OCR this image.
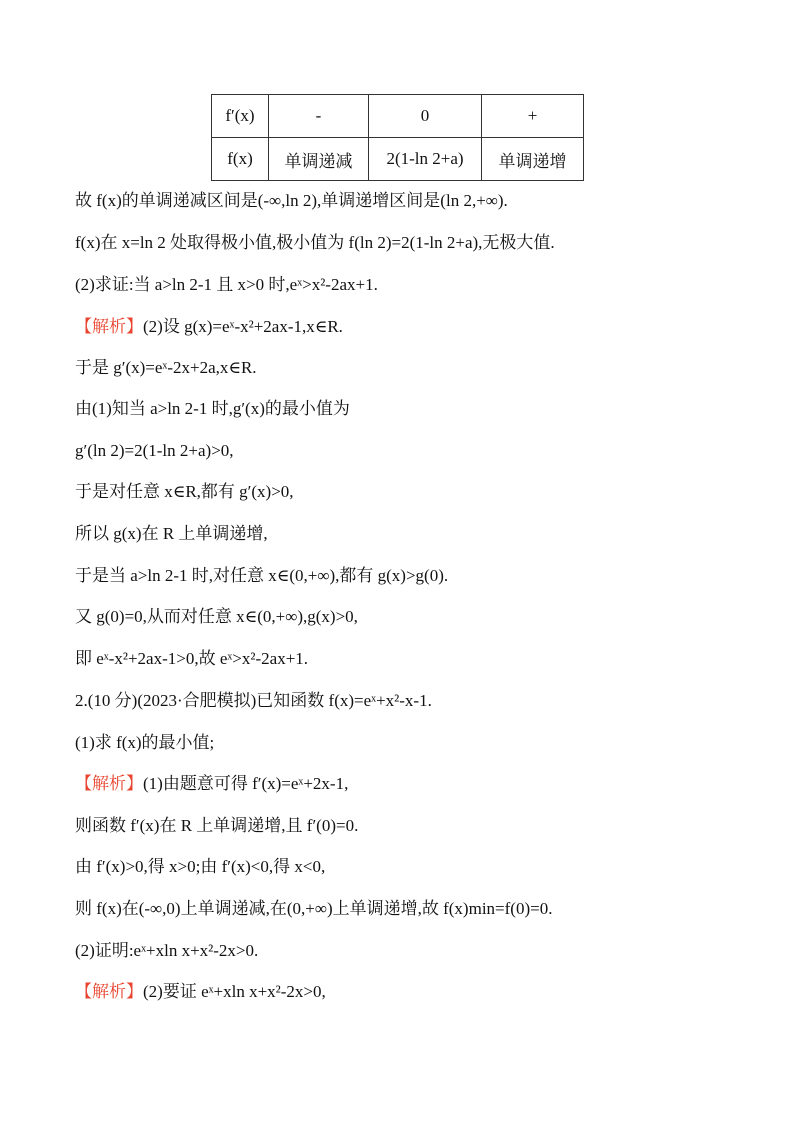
f′(x)	-	0	+
f(x)	单调递减	2(1-ln 2+a)	单调递增
故 f(x)的单调递减区间是(-∞,ln 2),单调递增区间是(ln 2,+∞).
f(x)在 x=ln 2 处取得极小值,极小值为 f(ln 2)=2(1-ln 2+a),无极大值.
(2)求证:当 a>ln 2-1 且 x>0 时,eˣ>x²-2ax+1.
【解析】(2)设 g(x)=eˣ-x²+2ax-1,x∈R.
于是 g′(x)=eˣ-2x+2a,x∈R.
由(1)知当 a>ln 2-1 时,g′(x)的最小值为
g′(ln 2)=2(1-ln 2+a)>0,
于是对任意 x∈R,都有 g′(x)>0,
所以 g(x)在 R 上单调递增,
于是当 a>ln 2-1 时,对任意 x∈(0,+∞),都有 g(x)>g(0).
又 g(0)=0,从而对任意 x∈(0,+∞),g(x)>0,
即 eˣ-x²+2ax-1>0,故 eˣ>x²-2ax+1.
2.(10 分)(2023·合肥模拟)已知函数 f(x)=eˣ+x²-x-1.
(1)求 f(x)的最小值;
【解析】(1)由题意可得 f′(x)=eˣ+2x-1,
则函数 f′(x)在 R 上单调递增,且 f′(0)=0.
由 f′(x)>0,得 x>0;由 f′(x)<0,得 x<0,
则 f(x)在(-∞,0)上单调递减,在(0,+∞)上单调递增,故 f(x)min=f(0)=0.
(2)证明:eˣ+xln x+x²-2x>0.
【解析】(2)要证 eˣ+xln x+x²-2x>0,
